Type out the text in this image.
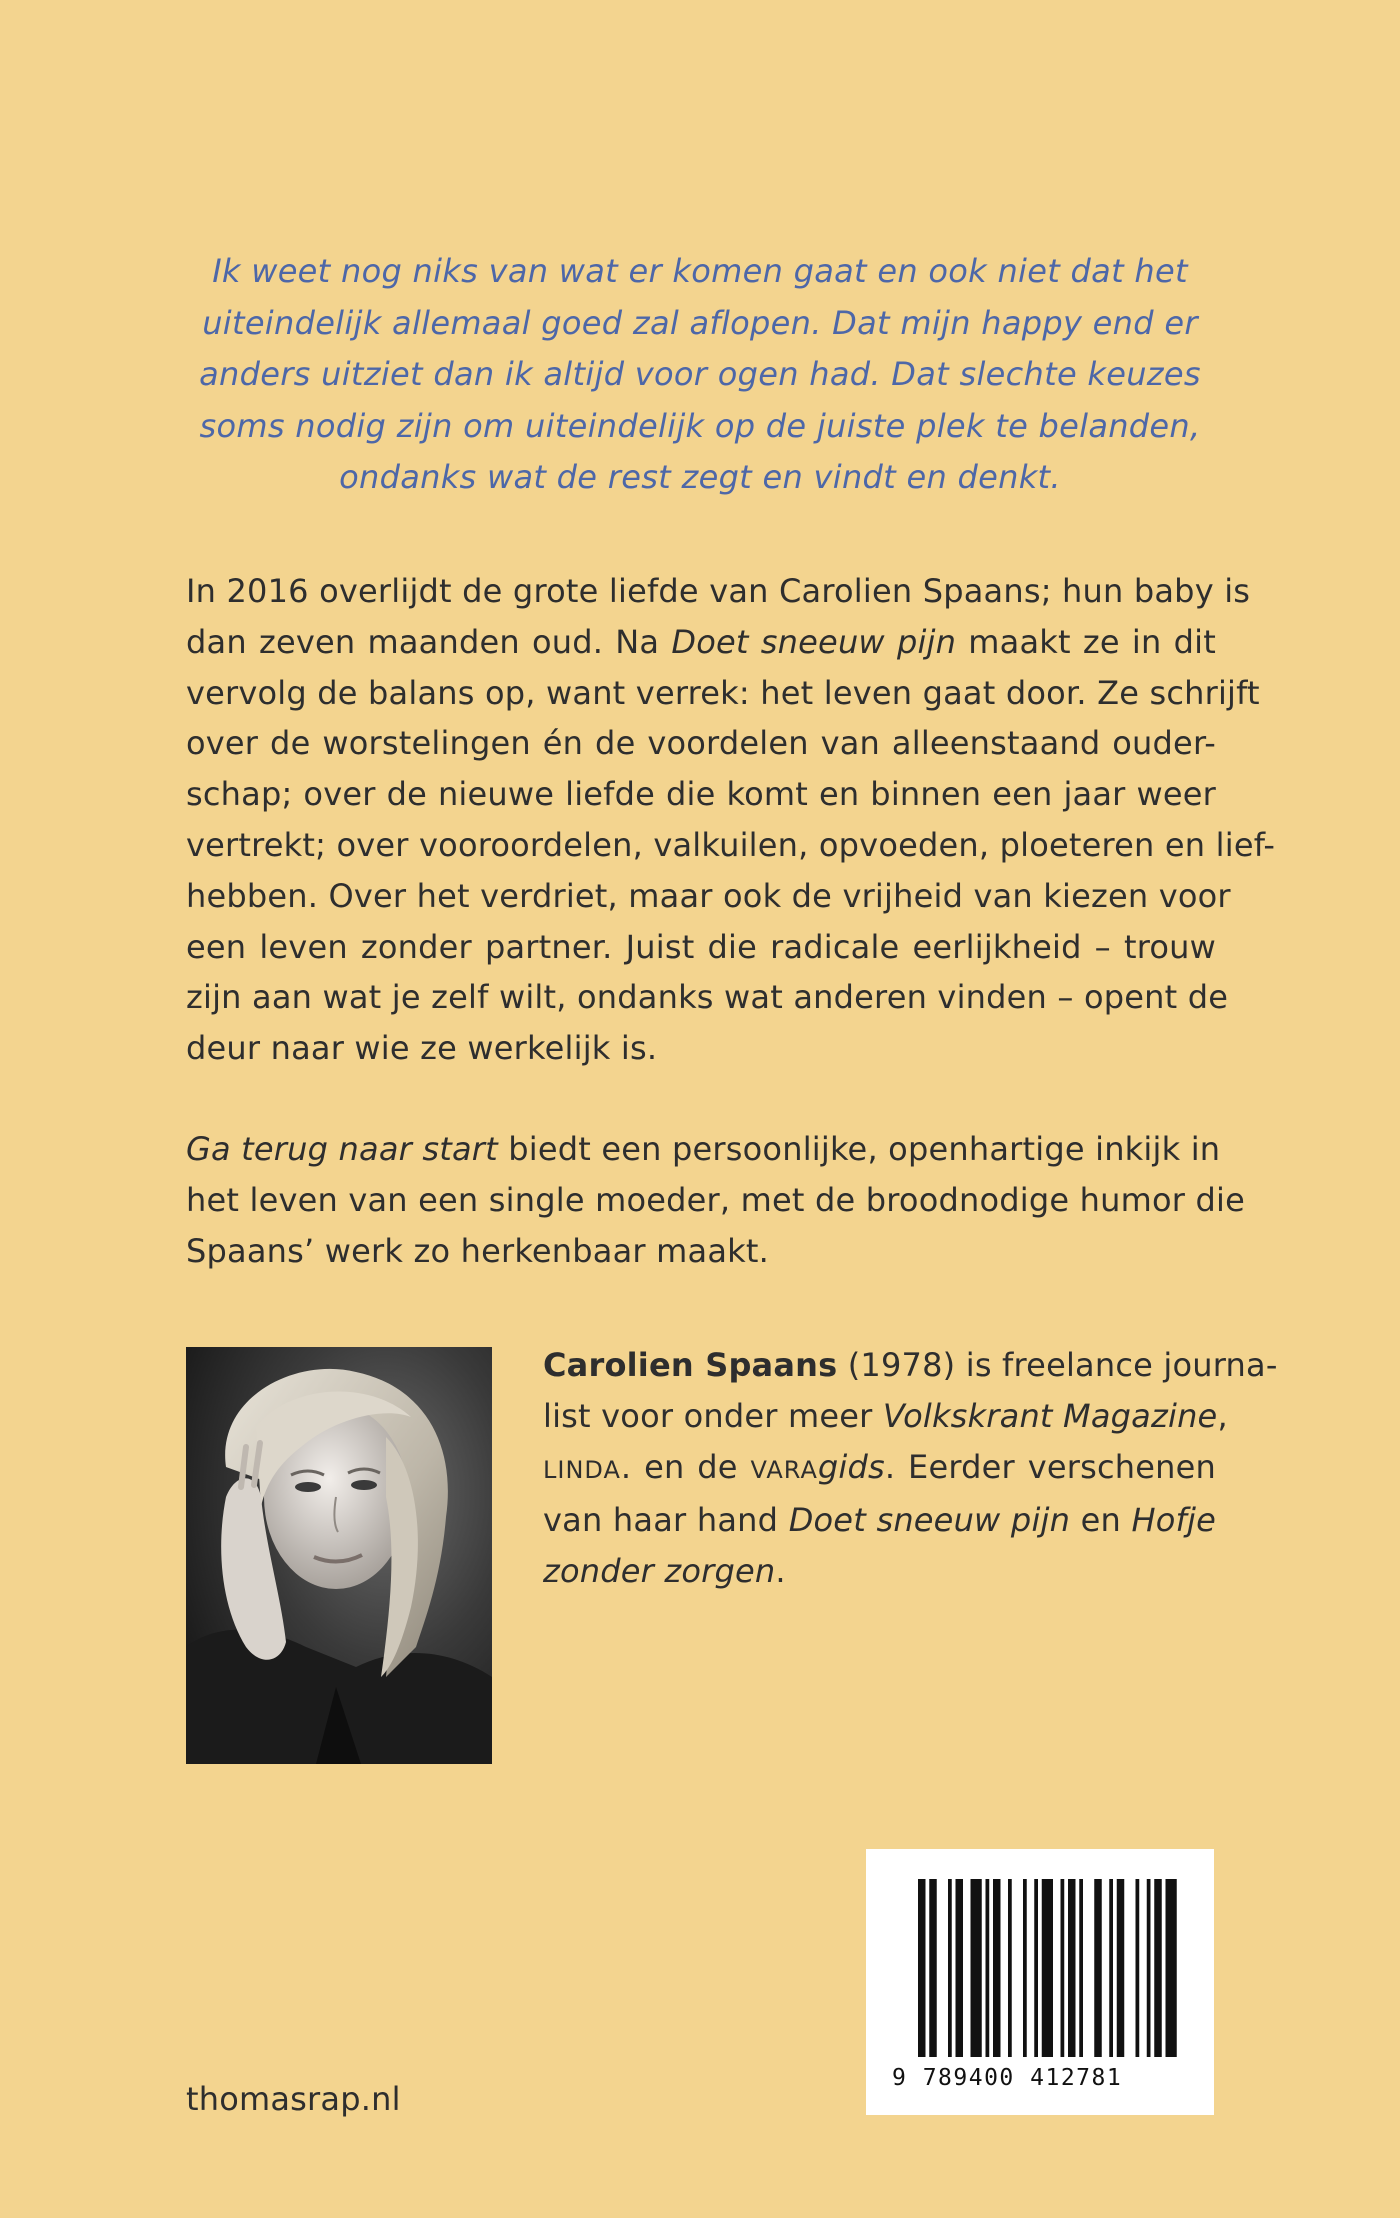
Ik weet nog niks van wat er komen gaat en ook niet dat het
uiteindelijk allemaal goed zal aflopen. Dat mijn happy end er
anders uitziet dan ik altijd voor ogen had. Dat slechte keuzes
soms nodig zijn om uiteindelijk op de juiste plek te belanden,
ondanks wat de rest zegt en vindt en denkt.
In 2016 overlijdt de grote liefde van Carolien Spaans; hun baby is
dan zeven maanden oud. Na Doet sneeuw pijn maakt ze in dit
vervolg de balans op, want verrek: het leven gaat door. Ze schrijft
over de worstelingen én de voordelen van alleenstaand ouder-
schap; over de nieuwe liefde die komt en binnen een jaar weer
vertrekt; over vooroordelen, valkuilen, opvoeden, ploeteren en lief-
hebben. Over het verdriet, maar ook de vrijheid van kiezen voor
een leven zonder partner. Juist die radicale eerlijkheid – trouw
zijn aan wat je zelf wilt, ondanks wat anderen vinden – opent de
deur naar wie ze werkelijk is.
Ga terug naar start biedt een persoonlijke, openhartige inkijk in
het leven van een single moeder, met de broodnodige humor die
Spaans’ werk zo herkenbaar maakt.
Carolien Spaans (1978) is freelance journa-
list voor onder meer Volkskrant Magazine,
LINDA. en de VARAgids. Eerder verschenen
van haar hand Doet sneeuw pijn en Hofje
zonder zorgen.
thomasrap.nl
9 789400 412781
